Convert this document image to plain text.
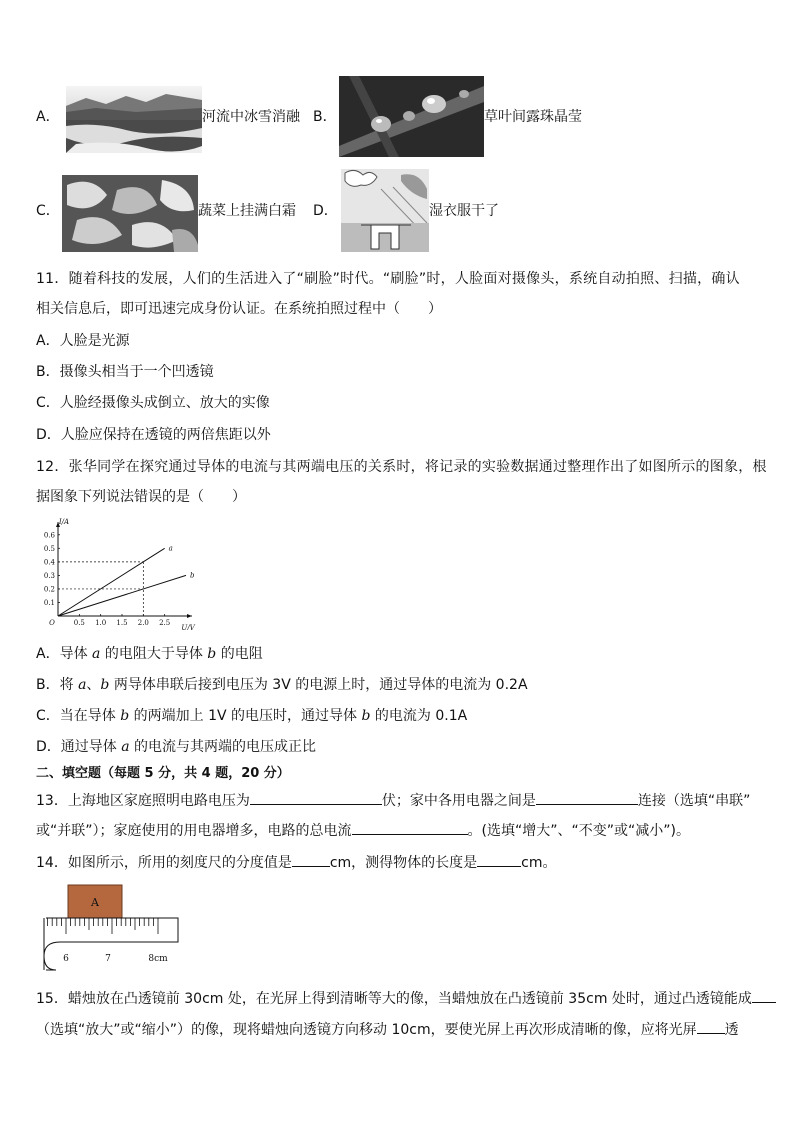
A．	河流中冰雪消融 B．	草叶间露珠晶莹
C．	蔬菜上挂满白霜 D．	湿衣服干了
11．随着科技的发展，人们的生活进入了“刷脸”时代。“刷脸”时，人脸面对摄像头，系统自动拍照、扫描，确认
相关信息后，即可迅速完成身份认证。在系统拍照过程中（　　）
A．人脸是光源
B．摄像头相当于一个凹透镜
C．人脸经摄像头成倒立、放大的实像
D．人脸应保持在透镜的两倍焦距以外
12．张华同学在探究通过导体的电流与其两端电压的关系时，将记录的实验数据通过整理作出了如图所示的图象，根
据图象下列说法错误的是（　　）
0.5 1.0 1.5 2.0 2.5
0.1
0.2
0.3
0.4
0.5
0.6
O
U/V
I/A
a
b
A．导体 a 的电阻大于导体 b 的电阻
B．将 a、b 两导体串联后接到电压为 3V 的电源上时，通过导体的电流为 0.2A
C．当在导体 b 的两端加上 1V 的电压时，通过导体 b 的电流为 0.1A
D．通过导体 a 的电流与其两端的电压成正比
二、填空题（每题 5 分，共 4 题，20 分）
13．上海地区家庭照明电路电压为	伏；家中各用电器之间是	连接（选填“串联”
或“并联”）；家庭使用的用电器增多，电路的总电流	。(选填“增大”、“不变”或“减小”)。
14．如图所示，所用的刻度尺的分度值是	cm，测得物体的长度是	cm。
A
6	7	8cm
15．蜡烛放在凸透镜前 30cm 处，在光屏上得到清晰等大的像，当蜡烛放在凸透镜前 35cm 处时，通过凸透镜能成
（选填“放大”或“缩小”）的像，现将蜡烛向透镜方向移动 10cm，要使光屏上再次形成清晰的像，应将光屏 透
